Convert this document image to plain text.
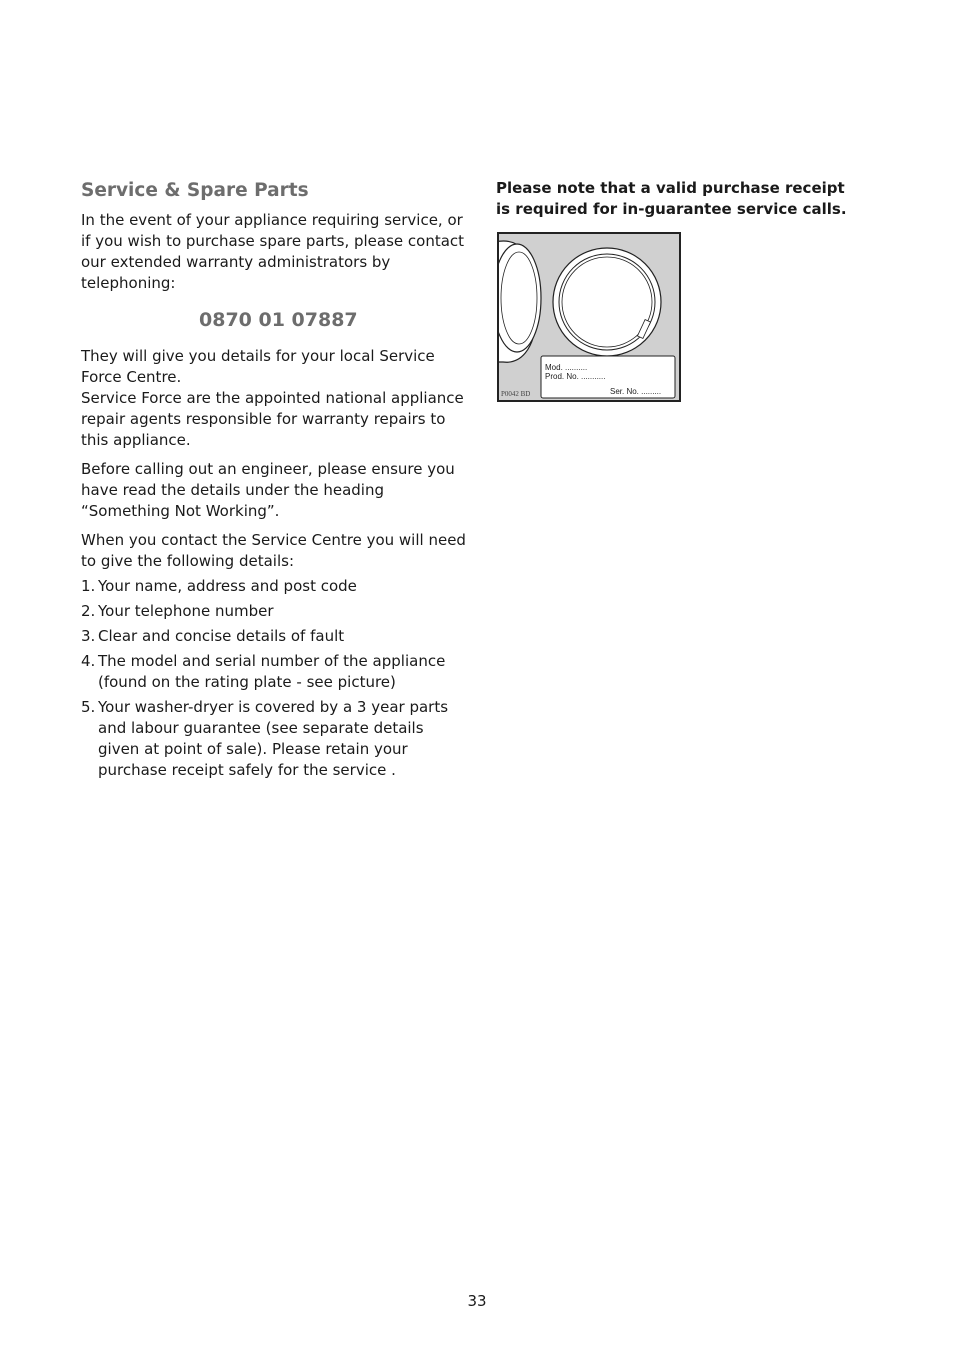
Service & Spare Parts

In the event of your appliance requiring service, or if you wish to purchase spare parts, please contact our extended warranty administrators by telephoning:

0870 01 07887

They will give you details for your local Service Force Centre.

Service Force are the appointed national appliance repair agents responsible for warranty repairs to this appliance.

Before calling out an engineer, please ensure you have read the details under the heading “Something Not Working”.

When you contact the Service Centre you will need to give the following details:

1. Your name, address and post code
2. Your telephone number
3. Clear and concise details of fault
4. The model and serial number of the appliance (found on the rating plate - see picture)
5. Your washer-dryer is covered by a 3 year parts and labour guarantee (see separate details given at point of sale). Please retain your purchase receipt safely for the service .

Please note that a valid purchase receipt is required for in-guarantee service calls.

Mod. ..........
Prod. No. ...........
Ser. No. .........
P0042 BD
33
